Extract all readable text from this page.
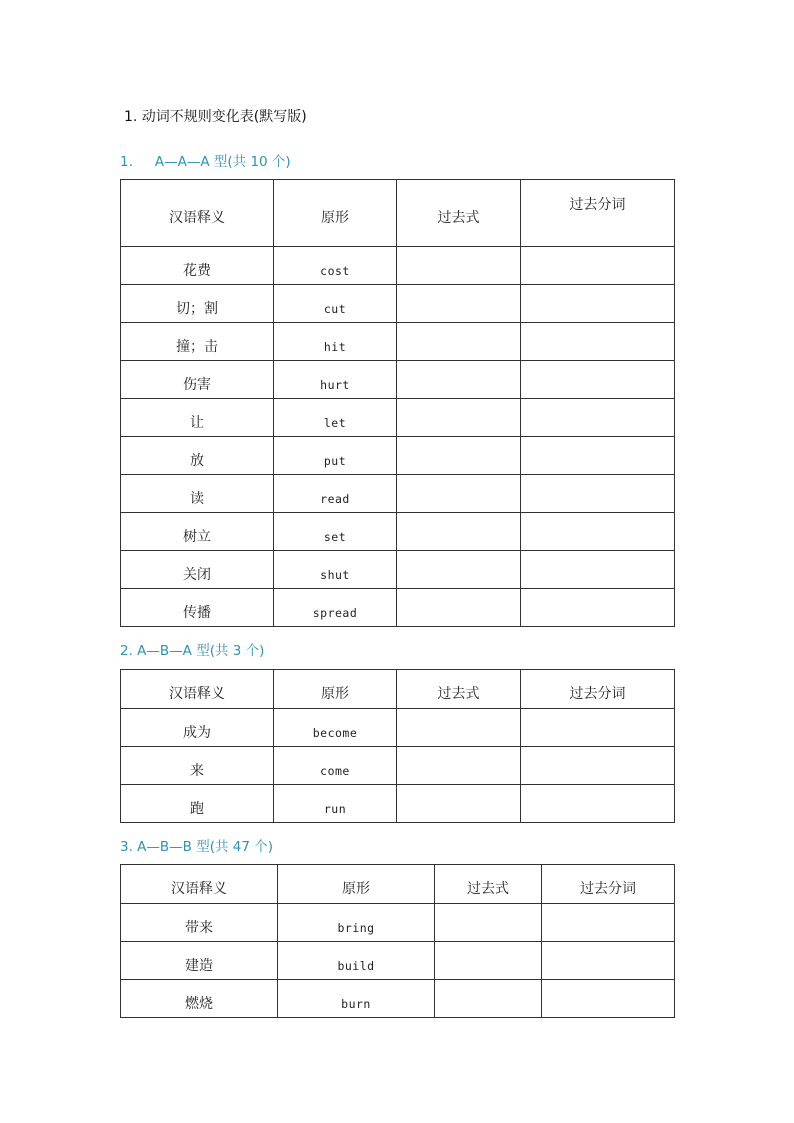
1. 动词不规则变化表(默写版)
1. A—A—A 型(共 10 个)
汉语释义	原形	过去式	过去分词
花费	cost		
切；割	cut		
撞；击	hit		
伤害	hurt		
让	let		
放	put		
读	read		
树立	set		
关闭	shut		
传播	spread		
2. A—B—A 型(共 3 个)
汉语释义	原形	过去式	过去分词
成为	become		
来	come		
跑	run		
3. A—B—B 型(共 47 个)
汉语释义	原形	过去式	过去分词
带来	bring		
建造	build		
燃烧	burn		
